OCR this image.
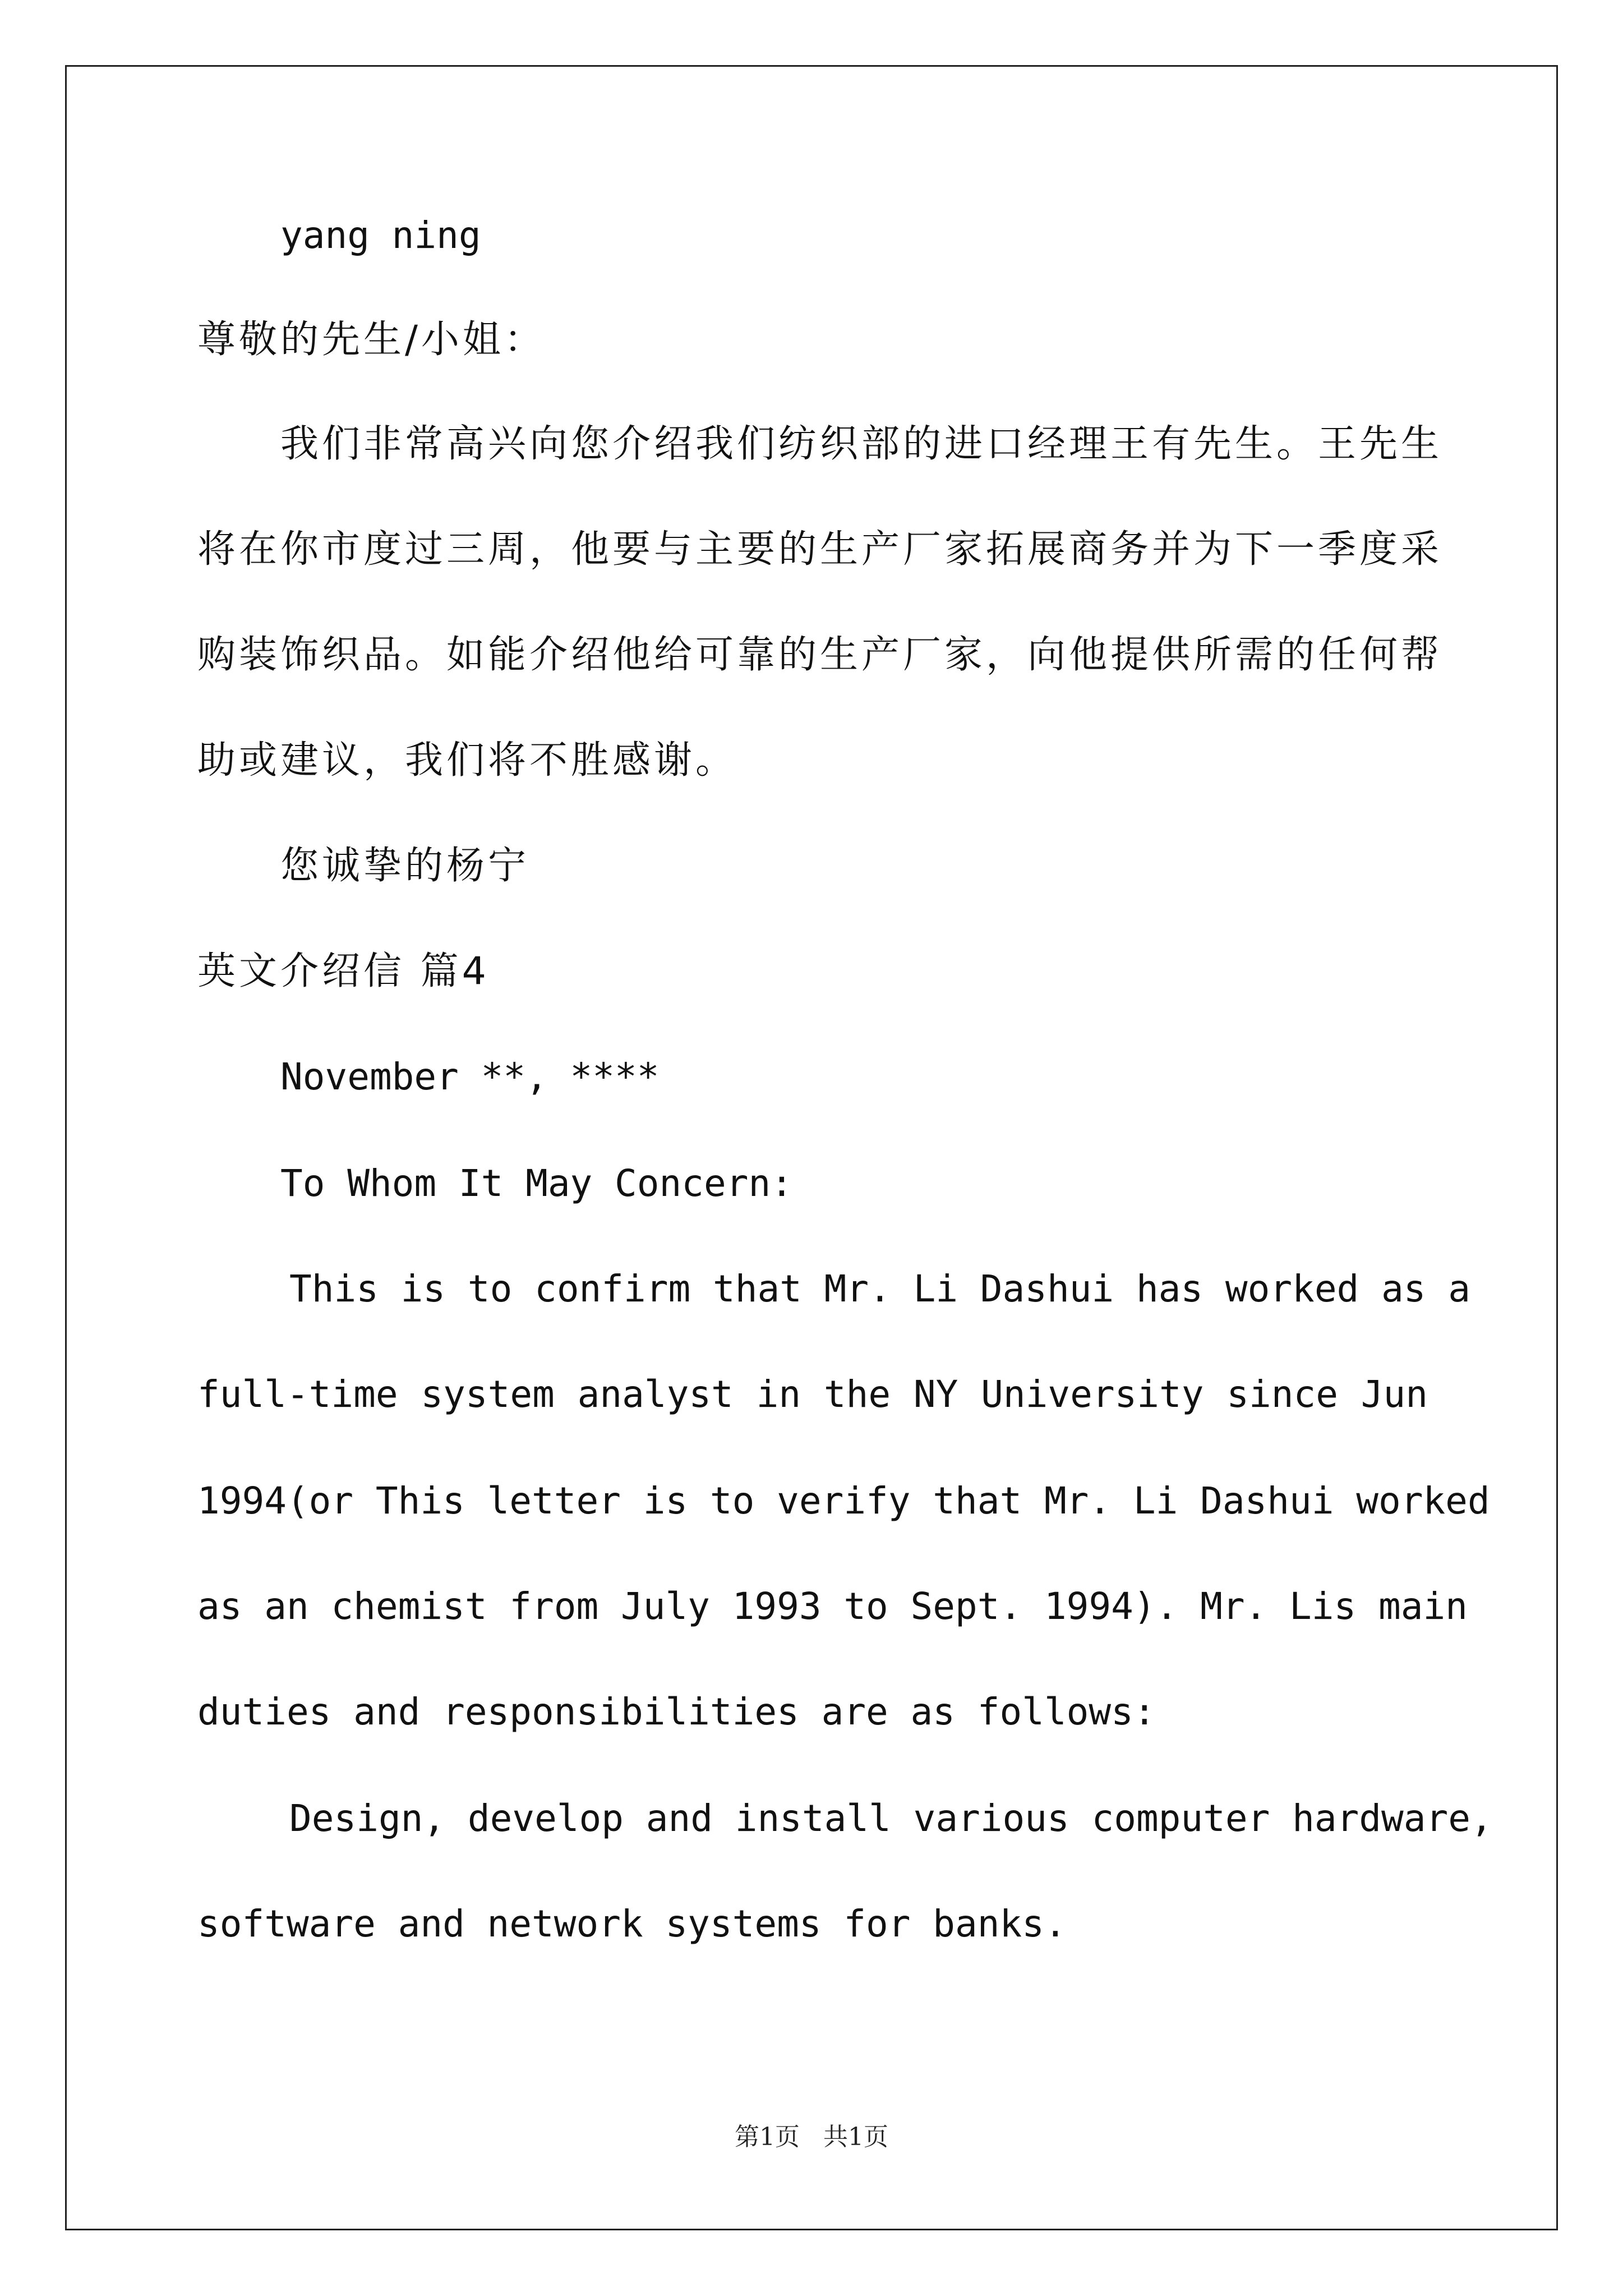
yang ning
尊敬的先生/小姐：
我们非常高兴向您介绍我们纺织部的进口经理王有先生。王先生
将在你市度过三周，他要与主要的生产厂家拓展商务并为下一季度采
购装饰织品。如能介绍他给可靠的生产厂家，向他提供所需的任何帮
助或建议，我们将不胜感谢。
您诚挚的杨宁
英文介绍信 篇4
November **, ****
To Whom It May Concern:
This is to confirm that Mr. Li Dashui has worked as a
full-time system analyst in the NY University since Jun
1994(or This letter is to verify that Mr. Li Dashui worked
as an chemist from July 1993 to Sept. 1994). Mr. Lis main
duties and responsibilities are as follows:
Design, develop and install various computer hardware,
software and network systems for banks.
第1页 共1页
